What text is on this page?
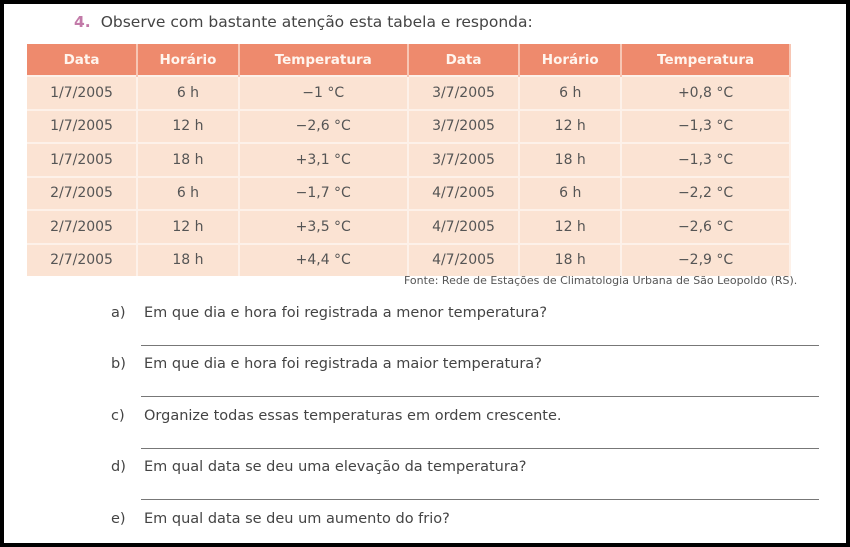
4. Observe com bastante atenção esta tabela e responda:
Data	Horário	Temperatura	Data	Horário	Temperatura
1/7/2005	6 h	−1 °C	3/7/2005	6 h	+0,8 °C
1/7/2005	12 h	−2,6 °C	3/7/2005	12 h	−1,3 °C
1/7/2005	18 h	+3,1 °C	3/7/2005	18 h	−1,3 °C
2/7/2005	6 h	−1,7 °C	4/7/2005	6 h	−2,2 °C
2/7/2005	12 h	+3,5 °C	4/7/2005	12 h	−2,6 °C
2/7/2005	18 h	+4,4 °C	4/7/2005	18 h	−2,9 °C
Fonte: Rede de Estações de Climatologia Urbana de São Leopoldo (RS).
a) Em que dia e hora foi registrada a menor temperatura?
b) Em que dia e hora foi registrada a maior temperatura?
c) Organize todas essas temperaturas em ordem crescente.
d) Em qual data se deu uma elevação da temperatura?
e) Em qual data se deu um aumento do frio?
